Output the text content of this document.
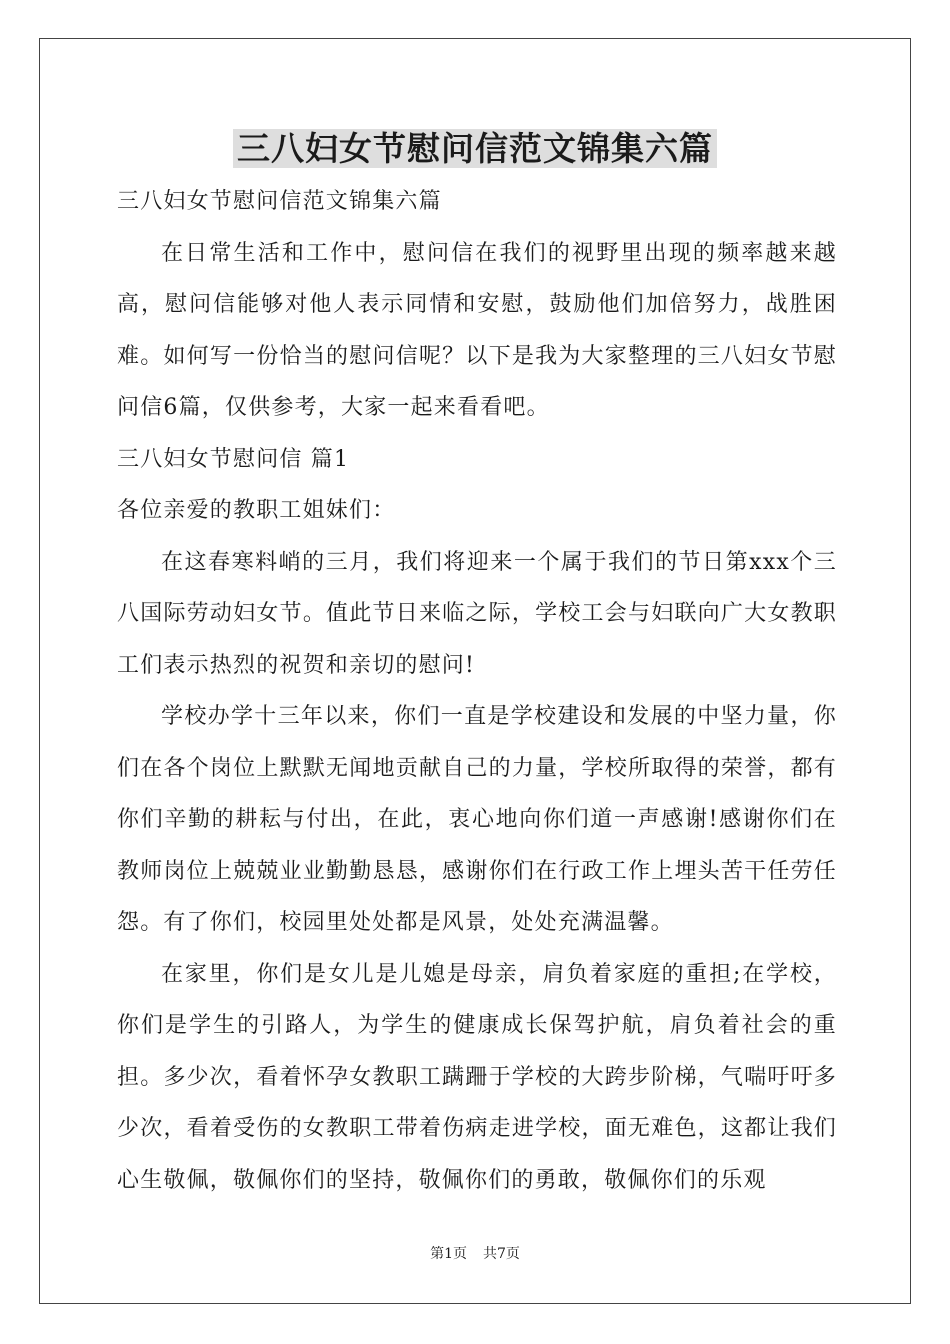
三八妇女节慰问信范文锦集六篇

三八妇女节慰问信范文锦集六篇

在日常生活和工作中，慰问信在我们的视野里出现的频率越来越高，慰问信能够对他人表示同情和安慰，鼓励他们加倍努力，战胜困难。如何写一份恰当的慰问信呢？以下是我为大家整理的三八妇女节慰问信6篇，仅供参考，大家一起来看看吧。

三八妇女节慰问信 篇1

各位亲爱的教职工姐妹们：

在这春寒料峭的三月，我们将迎来一个属于我们的节日第xxx个三八国际劳动妇女节。值此节日来临之际，学校工会与妇联向广大女教职工们表示热烈的祝贺和亲切的慰问!

学校办学十三年以来，你们一直是学校建设和发展的中坚力量，你们在各个岗位上默默无闻地贡献自己的力量，学校所取得的荣誉，都有你们辛勤的耕耘与付出，在此，衷心地向你们道一声感谢!感谢你们在教师岗位上兢兢业业勤勤恳恳，感谢你们在行政工作上埋头苦干任劳任怨。有了你们，校园里处处都是风景，处处充满温馨。

在家里，你们是女儿是儿媳是母亲，肩负着家庭的重担;在学校，你们是学生的引路人，为学生的健康成长保驾护航，肩负着社会的重担。多少次，看着怀孕女教职工蹒跚于学校的大跨步阶梯，气喘吁吁多少次，看着受伤的女教职工带着伤病走进学校，面无难色，这都让我们心生敬佩，敬佩你们的坚持，敬佩你们的勇敢，敬佩你们的乐观

第1页 共7页
